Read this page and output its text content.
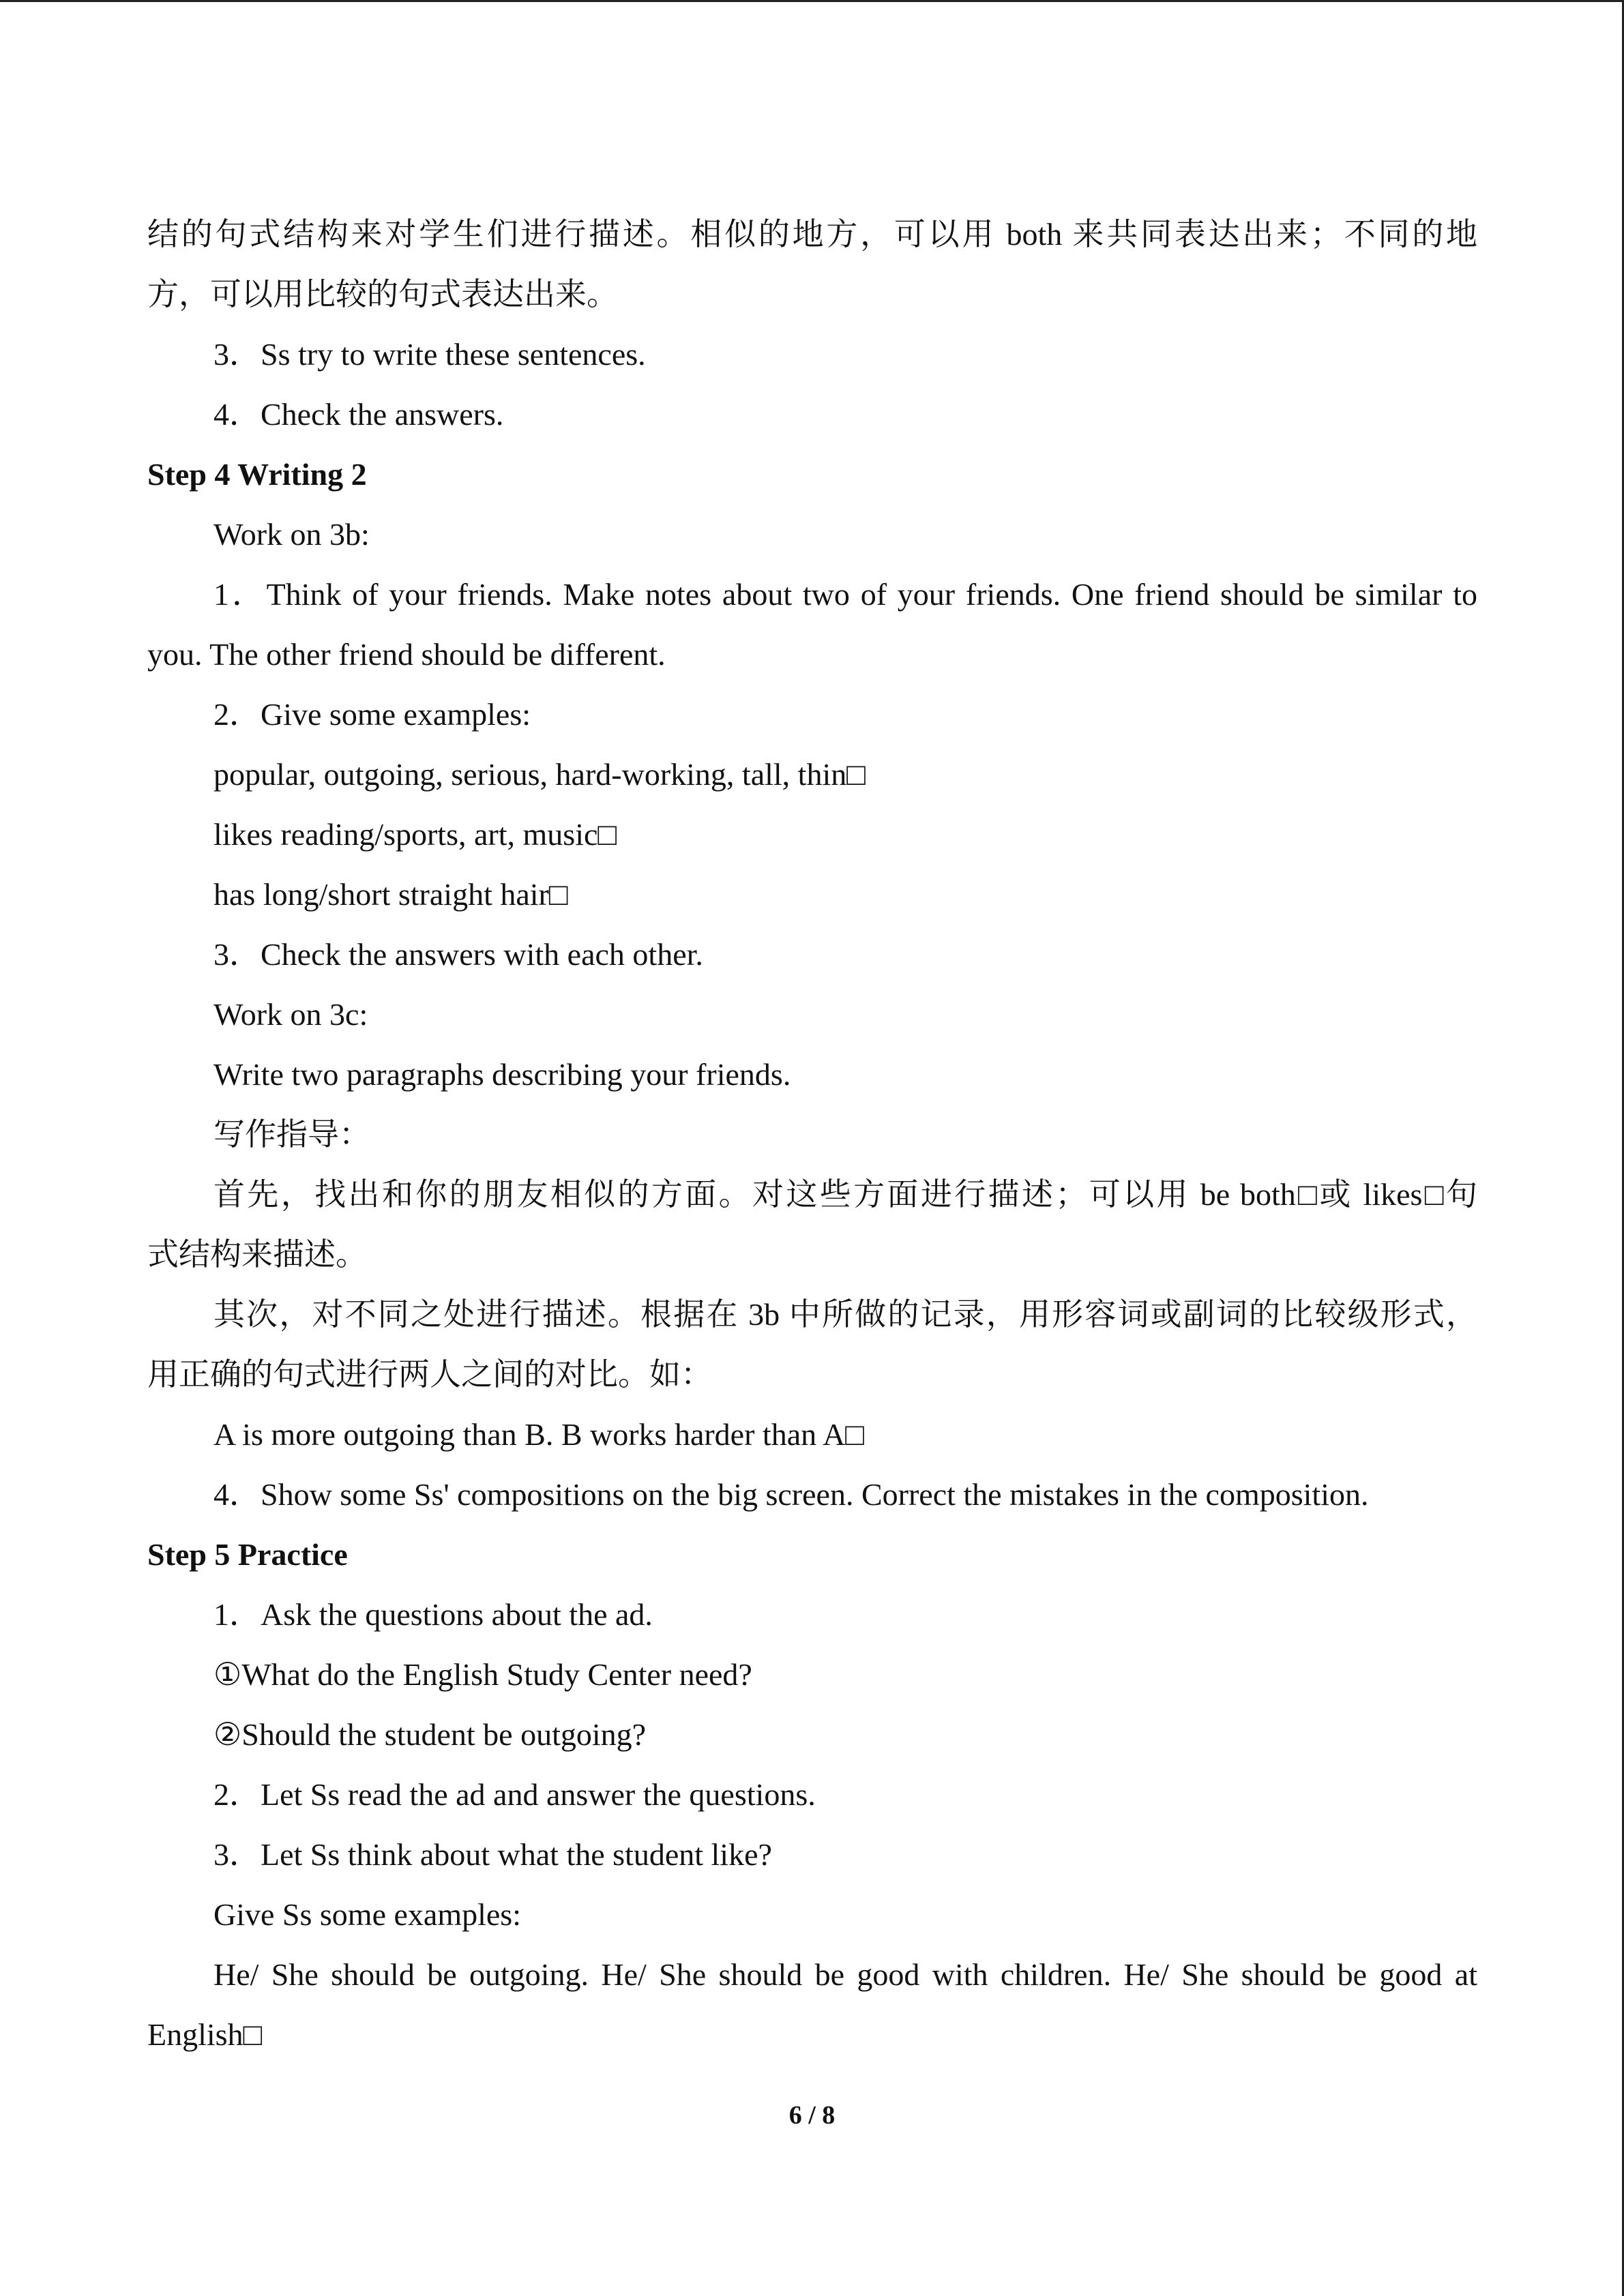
结的句式结构来对学生们进行描述。相似的地方，可以用 both 来共同表达出来；不同的地
方，可以用比较的句式表达出来。
3．Ss try to write these sentences.
4．Check the answers.
Step 4 Writing 2
Work on 3b:
1．Think of your friends. Make notes about two of your friends. One friend should be similar to
you. The other friend should be different.
2．Give some examples:
popular, outgoing, serious, hard-working, tall, thin□
likes reading/sports, art, music□
has long/short straight hair□
3．Check the answers with each other.
Work on 3c:
Write two paragraphs describing your friends.
写作指导：
首先，找出和你的朋友相似的方面。对这些方面进行描述；可以用 be both□或 likes□句
式结构来描述。
其次，对不同之处进行描述。根据在 3b 中所做的记录，用形容词或副词的比较级形式，
用正确的句式进行两人之间的对比。如：
A is more outgoing than B. B works harder than A□
4．Show some Ss' compositions on the big screen. Correct the mistakes in the composition.
Step 5 Practice
1．Ask the questions about the ad.
①What do the English Study Center need?
②Should the student be outgoing?
2．Let Ss read the ad and answer the questions.
3．Let Ss think about what the student like?
Give Ss some examples:
He/ She should be outgoing. He/ She should be good with children. He/ She should be good at
English□
6 / 8
